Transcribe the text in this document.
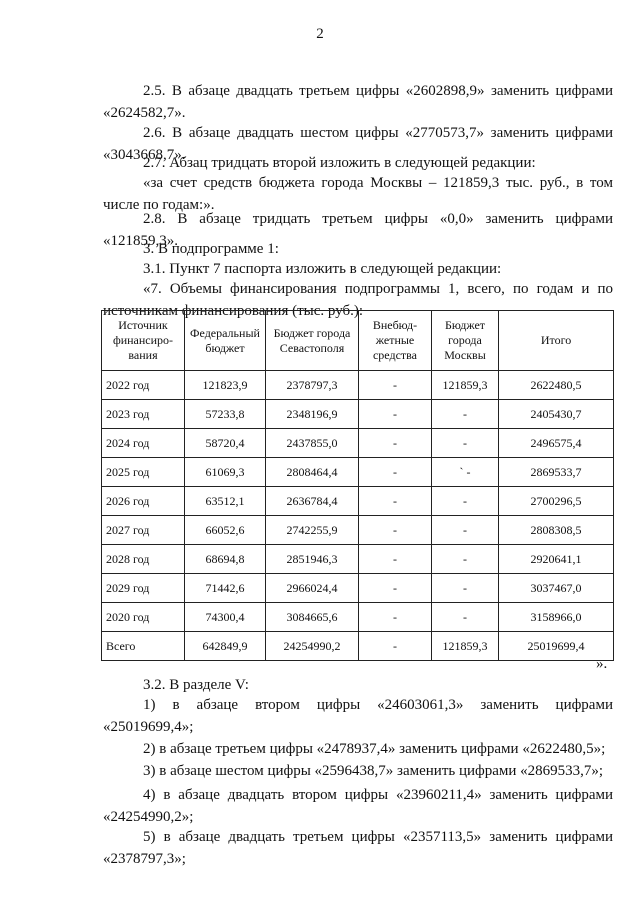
2
2.5. В абзаце двадцать третьем цифры «2602898,9» заменить цифрами «2624582,7».
2.6. В абзаце двадцать шестом цифры «2770573,7» заменить цифрами «3043668,7».
2.7. Абзац тридцать второй изложить в следующей редакции:
«за счет средств бюджета города Москвы – 121859,3 тыс. руб., в том числе по годам:».
2.8. В абзаце тридцать третьем цифры «0,0» заменить цифрами «121859,3».
3. В подпрограмме 1:
3.1. Пункт 7 паспорта изложить в следующей редакции:
«7. Объемы финансирования подпрограммы 1, всего, по годам и по источникам финансирования (тыс. руб.):
Источник финансиро-вания	Федеральный бюджет	Бюджет города Севастополя	Внебюд-жетные средства	Бюджет города Москвы	Итого
2022 год	121823,9	2378797,3	-	121859,3	2622480,5
2023 год	57233,8	2348196,9	-	-	2405430,7
2024 год	58720,4	2437855,0	-	-	2496575,4
2025 год	61069,3	2808464,4	-	` -	2869533,7
2026 год	63512,1	2636784,4	-	-	2700296,5
2027 год	66052,6	2742255,9	-	-	2808308,5
2028 год	68694,8	2851946,3	-	-	2920641,1
2029 год	71442,6	2966024,4	-	-	3037467,0
2020 год	74300,4	3084665,6	-	-	3158966,0
Всего	642849,9	24254990,2	-	121859,3	25019699,4
».
3.2. В разделе V:
1) в абзаце втором цифры «24603061,3» заменить цифрами «25019699,4»;
2) в абзаце третьем цифры «2478937,4» заменить цифрами «2622480,5»;
3) в абзаце шестом цифры «2596438,7» заменить цифрами «2869533,7»;
4) в абзаце двадцать втором цифры «23960211,4» заменить цифрами «24254990,2»;
5) в абзаце двадцать третьем цифры «2357113,5» заменить цифрами «2378797,3»;
